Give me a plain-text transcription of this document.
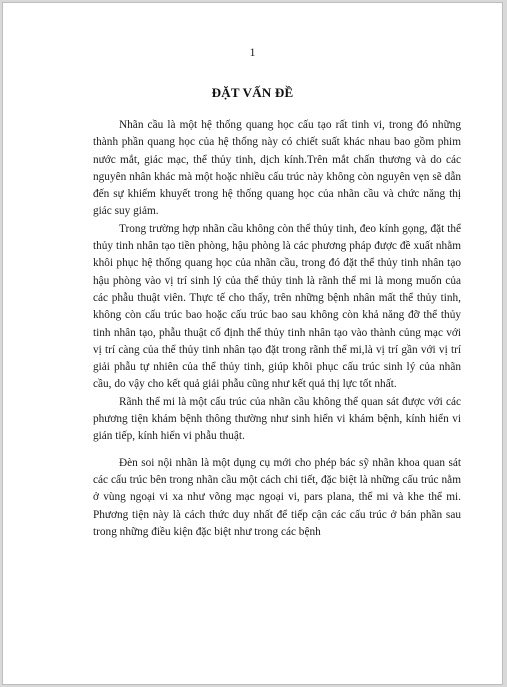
1
ĐẶT VẤN ĐỀ

Nhãn cầu là một hệ thống quang học cấu tạo rất tinh vi, trong đó những thành phần quang học của hệ thống này có chiết suất khác nhau bao gồm phim nước mắt, giác mạc, thể thủy tinh, dịch kính.Trên mắt chấn thương và do các nguyên nhân khác mà một hoặc nhiều cấu trúc này không còn nguyên vẹn sẽ dẫn đến sự khiếm khuyết trong hệ thống quang học của nhãn cầu và chức năng thị giác suy giảm.

Trong trường hợp nhãn cầu không còn thể thủy tinh, đeo kính gọng, đặt thể thủy tinh nhân tạo tiền phòng, hậu phòng là các phương pháp được đề xuất nhằm khôi phục hệ thống quang học của nhãn cầu, trong đó đặt thể thủy tinh nhân tạo hậu phòng vào vị trí sinh lý của thể thủy tinh là rãnh thể mi là mong muốn của các phẫu thuật viên. Thực tế cho thấy, trên những bệnh nhân mất thể thủy tinh, không còn cấu trúc bao hoặc cấu trúc bao sau không còn khả năng đỡ thể thủy tinh nhân tạo, phẫu thuật cố định thể thủy tinh nhân tạo vào thành củng mạc với vị trí càng của thể thủy tinh nhân tạo đặt trong rãnh thể mi,là vị trí gần với vị trí giải phẫu tự nhiên của thể thủy tinh, giúp khôi phục cấu trúc sinh lý của nhãn cầu, do vậy cho kết quả giải phẫu cũng như kết quả thị lực tốt nhất.

Rãnh thể mi là một cấu trúc của nhãn cầu không thể quan sát được với các phương tiện khám bệnh thông thường như sinh hiển vi khám bệnh, kính hiển vi gián tiếp, kính hiển vi phẫu thuật.

Đèn soi nội nhãn là một dụng cụ mới cho phép bác sỹ nhãn khoa quan sát các cấu trúc bên trong nhãn cầu một cách chi tiết, đặc biệt là những cấu trúc nằm ở vùng ngoại vi xa như võng mạc ngoại vi, pars plana, thể mi và khe thể mi. Phương tiện này là cách thức duy nhất để tiếp cận các cấu trúc ở bán phần sau trong những điều kiện đặc biệt như trong các bệnh
